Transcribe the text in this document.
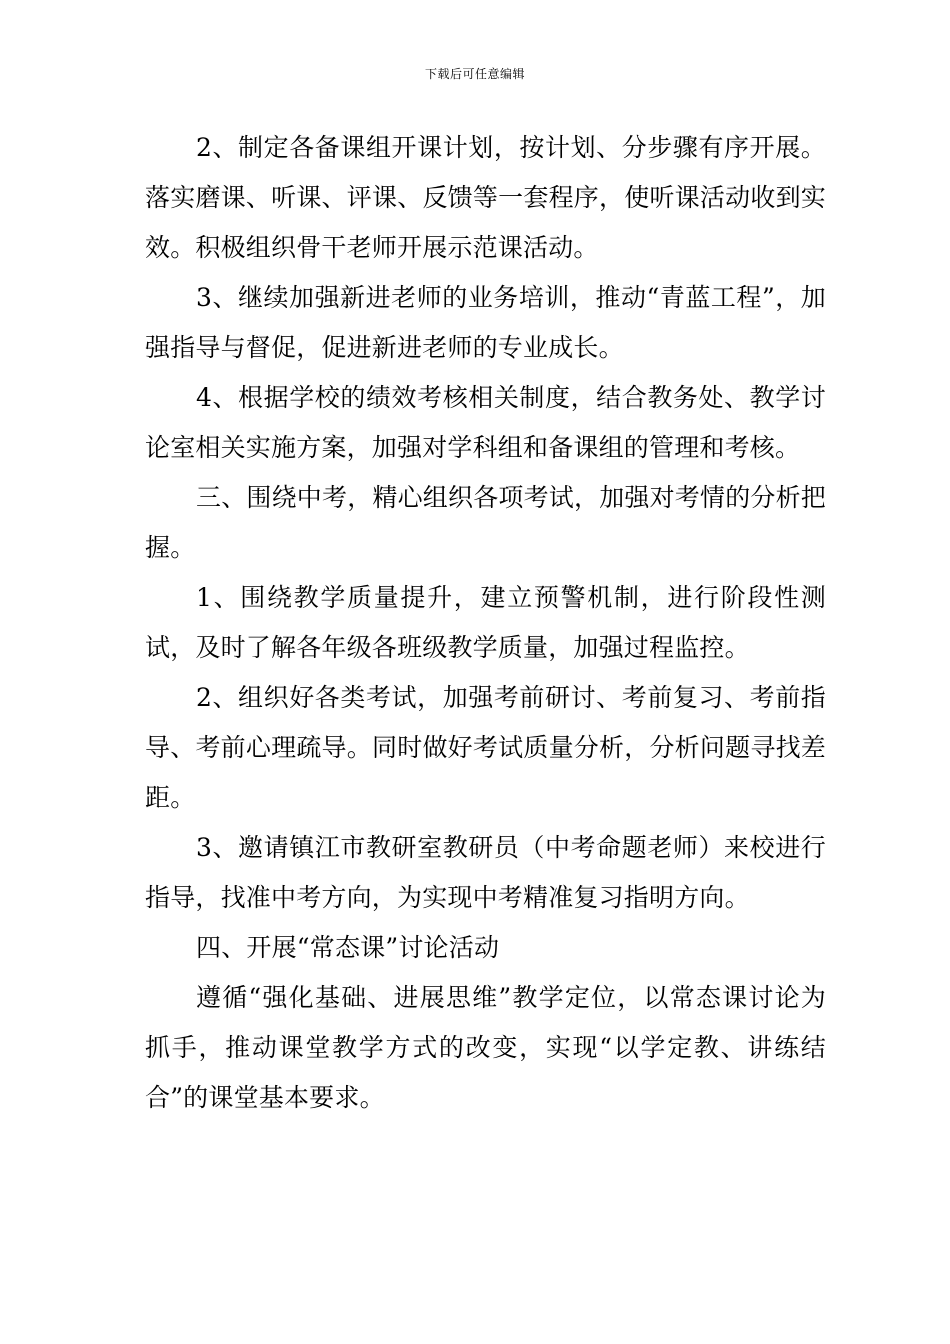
下载后可任意编辑

2、制定各备课组开课计划，按计划、分步骤有序开展。落实磨课、听课、评课、反馈等一套程序，使听课活动收到实效。积极组织骨干老师开展示范课活动。

3、继续加强新进老师的业务培训，推动“青蓝工程”，加强指导与督促，促进新进老师的专业成长。

4、根据学校的绩效考核相关制度，结合教务处、教学讨论室相关实施方案，加强对学科组和备课组的管理和考核。

三、围绕中考，精心组织各项考试，加强对考情的分析把握。

1、围绕教学质量提升，建立预警机制，进行阶段性测试，及时了解各年级各班级教学质量，加强过程监控。

2、组织好各类考试，加强考前研讨、考前复习、考前指导、考前心理疏导。同时做好考试质量分析，分析问题寻找差距。

3、邀请镇江市教研室教研员（中考命题老师）来校进行指导，找准中考方向，为实现中考精准复习指明方向。

四、开展“常态课”讨论活动

遵循“强化基础、进展思维”教学定位，以常态课讨论为抓手，推动课堂教学方式的改变，实现“以学定教、讲练结合”的课堂基本要求。
